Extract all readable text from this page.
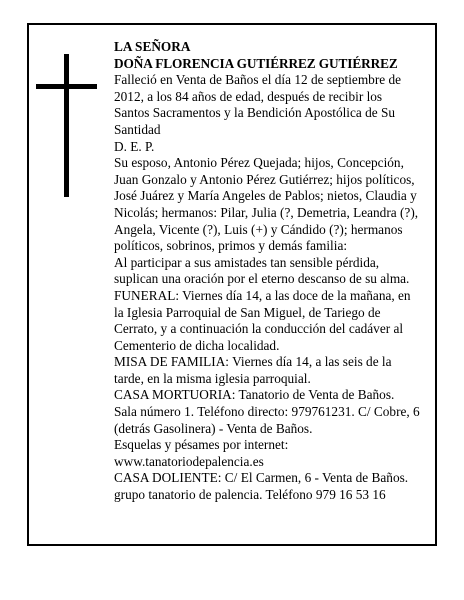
LA SEÑORA

DOÑA FLORENCIA GUTIÉRREZ GUTIÉRREZ

Falleció en Venta de Baños el día 12 de septiembre de 2012, a los 84 años de edad, después de recibir los Santos Sacramentos y la Bendición Apostólica de Su Santidad

D. E. P.

Su esposo, Antonio Pérez Quejada; hijos, Concepción, Juan Gonzalo y Antonio Pérez Gutiérrez; hijos políticos, José Juárez y María Angeles de Pablos; nietos, Claudia y Nicolás; hermanos: Pilar, Julia (?, Demetria, Leandra (?), Angela, Vicente (?), Luis (+) y Cándido (?); hermanos políticos, sobrinos, primos y demás familia:

Al participar a sus amistades tan sensible pérdida, suplican una oración por el eterno descanso de su alma.

FUNERAL: Viernes día 14, a las doce de la mañana, en la Iglesia Parroquial de San Miguel, de Tariego de Cerrato, y a continuación la conducción del cadáver al Cementerio de dicha localidad.

MISA DE FAMILIA: Viernes día 14, a las seis de la tarde, en la misma iglesia parroquial.

CASA MORTUORIA: Tanatorio de Venta de Baños. Sala número 1. Teléfono directo: 979761231. C/ Cobre, 6 (detrás Gasolinera) - Venta de Baños.

Esquelas y pésames por internet: www.tanatoriodepalencia.es

CASA DOLIENTE: C/ El Carmen, 6 - Venta de Baños. grupo tanatorio de palencia. Teléfono 979 16 53 16
